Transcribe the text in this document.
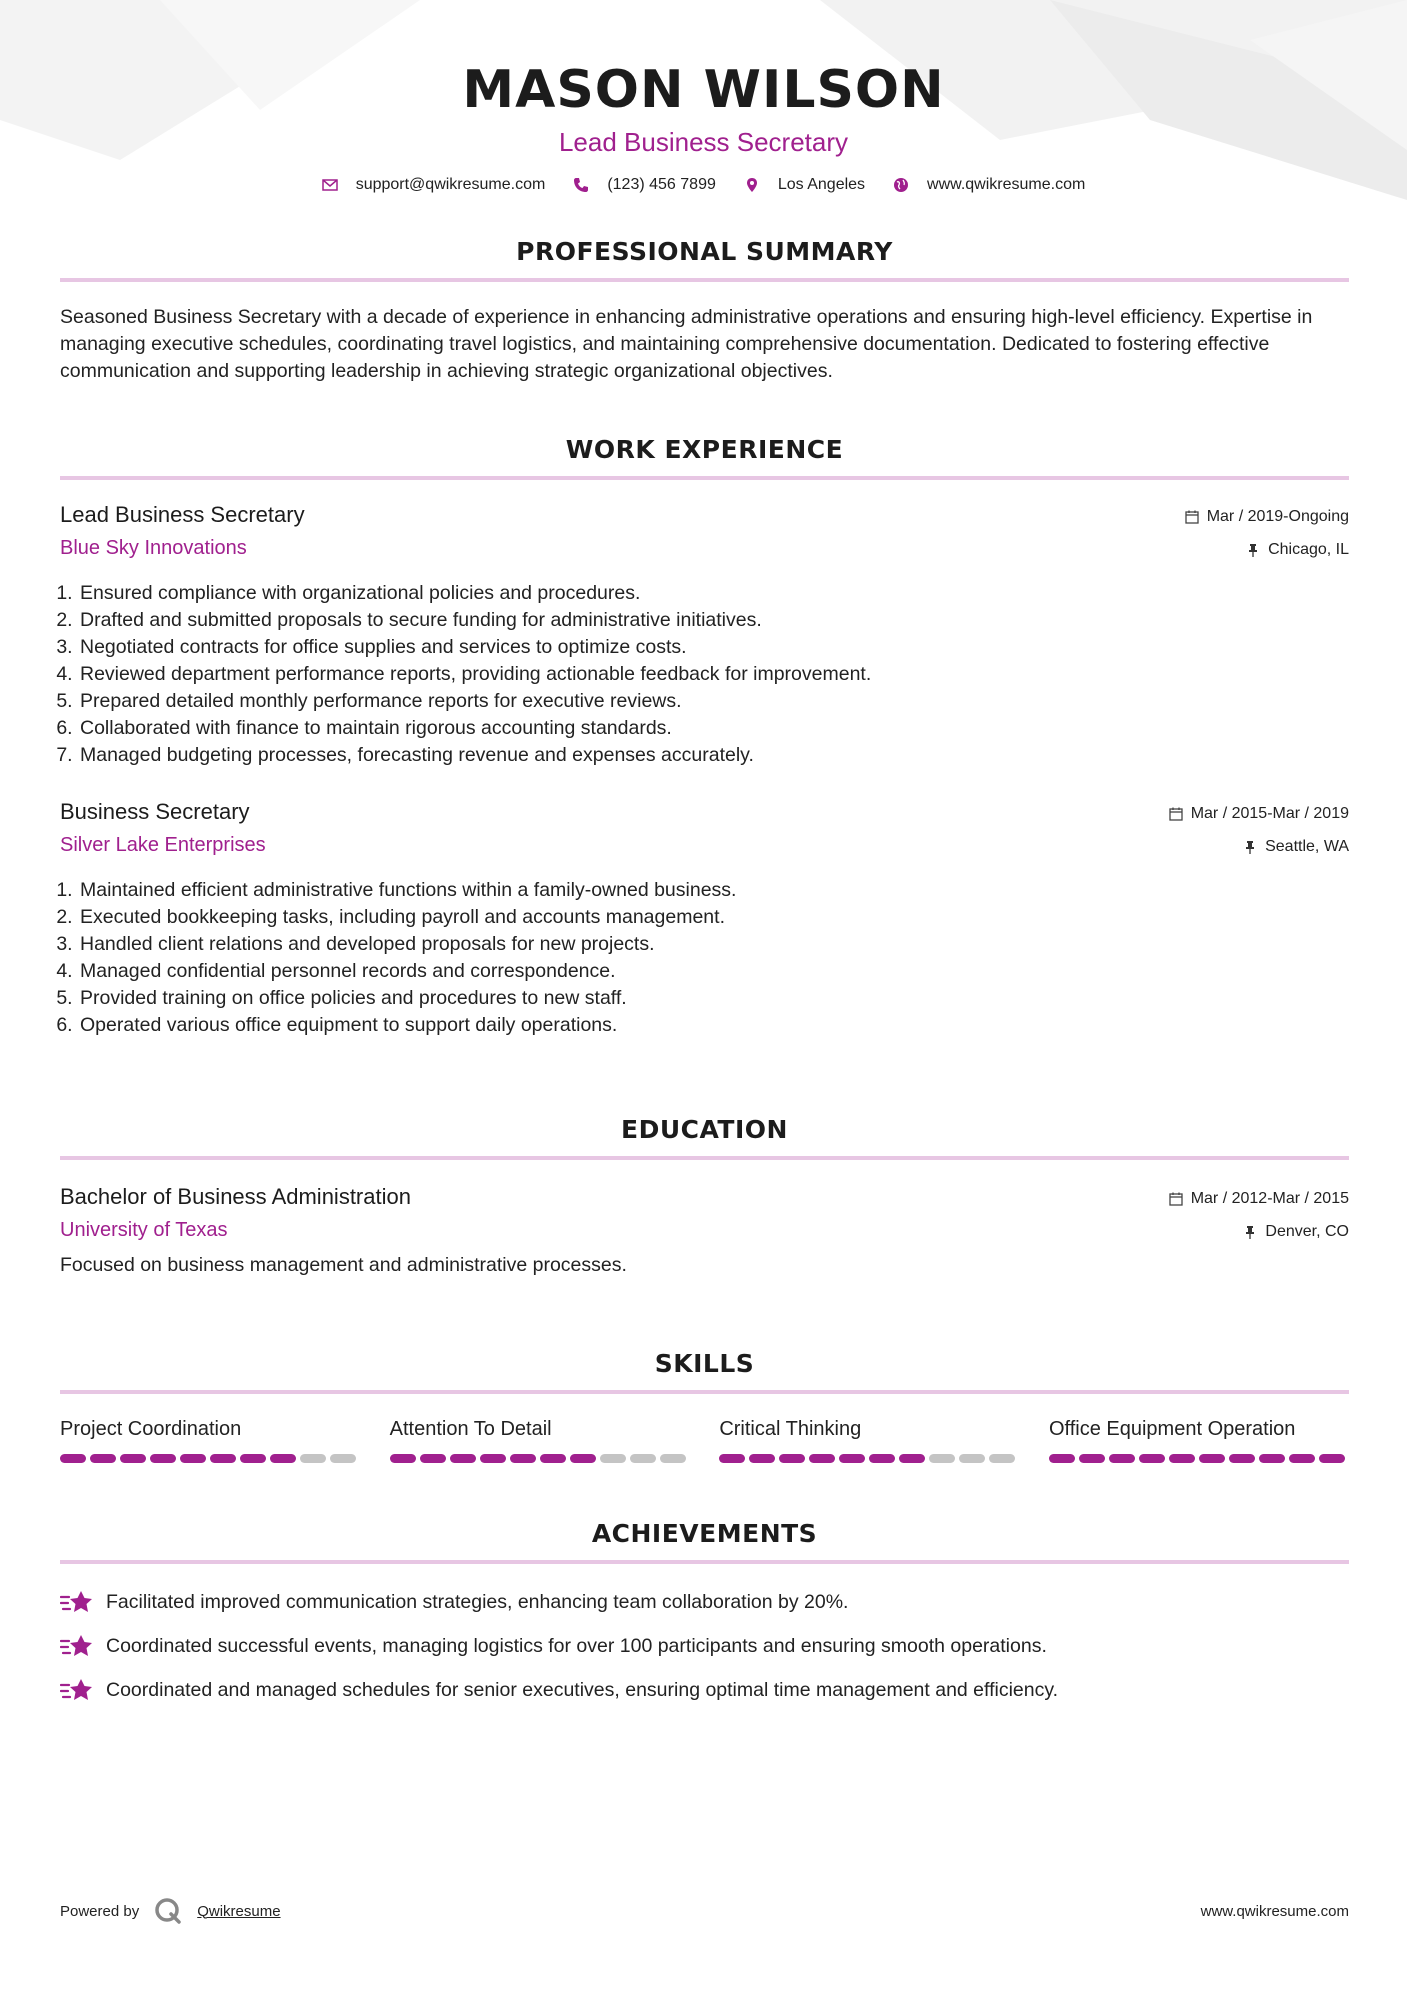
MASON WILSON
Lead Business Secretary
support@qwikresume.com	(123) 456 7899	Los Angeles	www.qwikresume.com
PROFESSIONAL SUMMARY
Seasoned Business Secretary with a decade of experience in enhancing administrative operations and ensuring high-level efficiency. Expertise in managing executive schedules, coordinating travel logistics, and maintaining comprehensive documentation. Dedicated to fostering effective communication and supporting leadership in achieving strategic organizational objectives.
WORK EXPERIENCE
Lead Business Secretary
Blue Sky Innovations
Mar / 2019-Ongoing
Chicago, IL
1. Ensured compliance with organizational policies and procedures.
2. Drafted and submitted proposals to secure funding for administrative initiatives.
3. Negotiated contracts for office supplies and services to optimize costs.
4. Reviewed department performance reports, providing actionable feedback for improvement.
5. Prepared detailed monthly performance reports for executive reviews.
6. Collaborated with finance to maintain rigorous accounting standards.
7. Managed budgeting processes, forecasting revenue and expenses accurately.
Business Secretary
Silver Lake Enterprises
Mar / 2015-Mar / 2019
Seattle, WA
1. Maintained efficient administrative functions within a family-owned business.
2. Executed bookkeeping tasks, including payroll and accounts management.
3. Handled client relations and developed proposals for new projects.
4. Managed confidential personnel records and correspondence.
5. Provided training on office policies and procedures to new staff.
6. Operated various office equipment to support daily operations.
EDUCATION
Bachelor of Business Administration
University of Texas
Mar / 2012-Mar / 2015
Denver, CO
Focused on business management and administrative processes.
SKILLS
Project Coordination	Attention To Detail	Critical Thinking	Office Equipment Operation
ACHIEVEMENTS
Facilitated improved communication strategies, enhancing team collaboration by 20%.
Coordinated successful events, managing logistics for over 100 participants and ensuring smooth operations.
Coordinated and managed schedules for senior executives, ensuring optimal time management and efficiency.
Powered by	Qwikresume	www.qwikresume.com
